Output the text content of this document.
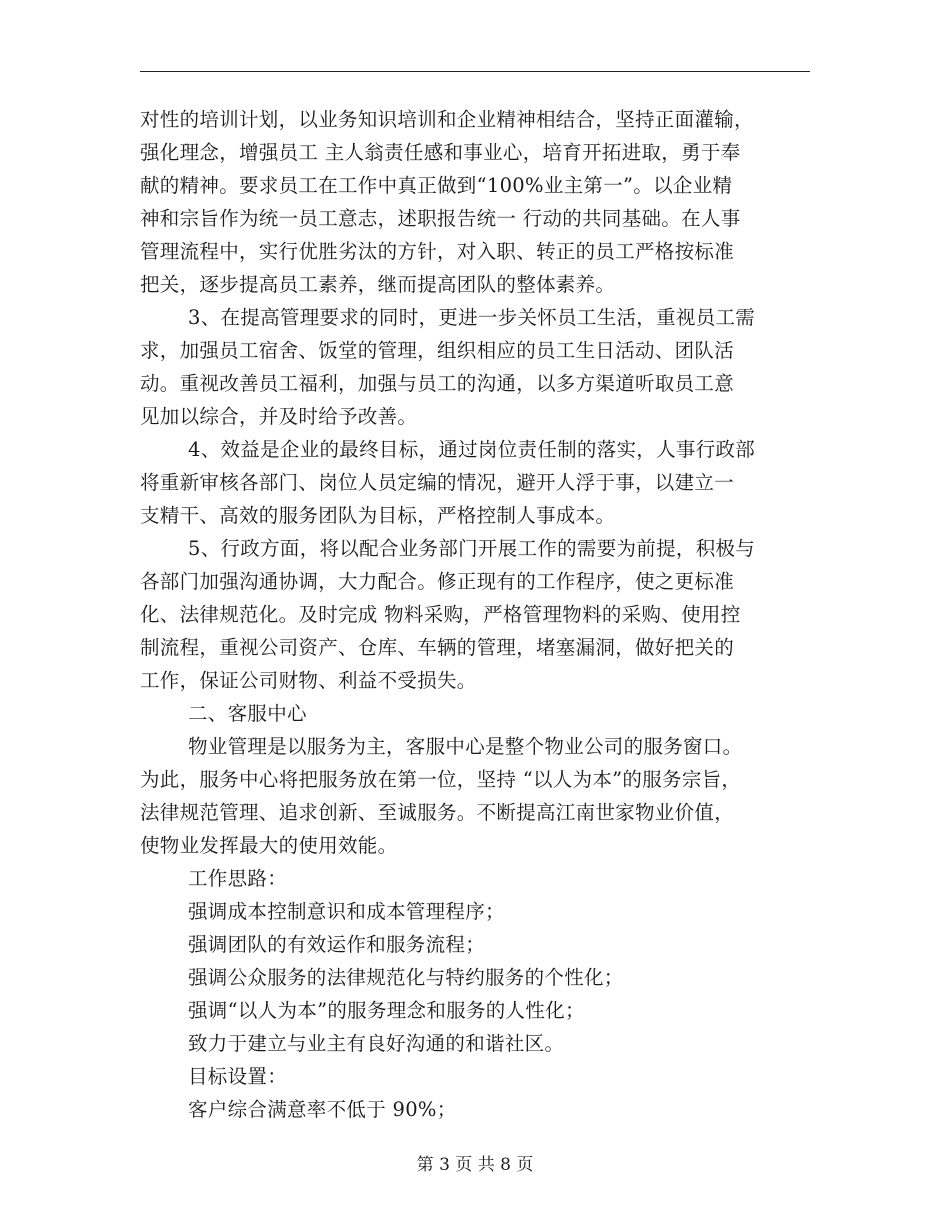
对性的培训计划，以业务知识培训和企业精神相结合，坚持正面灌输，
强化理念，增强员工 主人翁责任感和事业心，培育开拓进取，勇于奉
献的精神。要求员工在工作中真正做到“100%业主第一”。以企业精
神和宗旨作为统一员工意志，述职报告统一 行动的共同基础。在人事
管理流程中，实行优胜劣汰的方针，对入职、转正的员工严格按标准
把关，逐步提高员工素养，继而提高团队的整体素养。
3、在提高管理要求的同时，更进一步关怀员工生活，重视员工需
求，加强员工宿舍、饭堂的管理，组织相应的员工生日活动、团队活
动。重视改善员工福利，加强与员工的沟通，以多方渠道听取员工意
见加以综合，并及时给予改善。
4、效益是企业的最终目标，通过岗位责任制的落实，人事行政部
将重新审核各部门、岗位人员定编的情况，避开人浮于事，以建立一
支精干、高效的服务团队为目标，严格控制人事成本。
5、行政方面，将以配合业务部门开展工作的需要为前提，积极与
各部门加强沟通协调，大力配合。修正现有的工作程序，使之更标准
化、法律规范化。及时完成 物料采购，严格管理物料的采购、使用控
制流程，重视公司资产、仓库、车辆的管理，堵塞漏洞，做好把关的
工作，保证公司财物、利益不受损失。
二、客服中心
物业管理是以服务为主，客服中心是整个物业公司的服务窗口。
为此，服务中心将把服务放在第一位，坚持 “以人为本”的服务宗旨，
法律规范管理、追求创新、至诚服务。不断提高江南世家物业价值，
使物业发挥最大的使用效能。
工作思路：
强调成本控制意识和成本管理程序；
强调团队的有效运作和服务流程；
强调公众服务的法律规范化与特约服务的个性化；
强调“以人为本”的服务理念和服务的人性化；
致力于建立与业主有良好沟通的和谐社区。
目标设置：
客户综合满意率不低于 90%；
第 3 页 共 8 页
